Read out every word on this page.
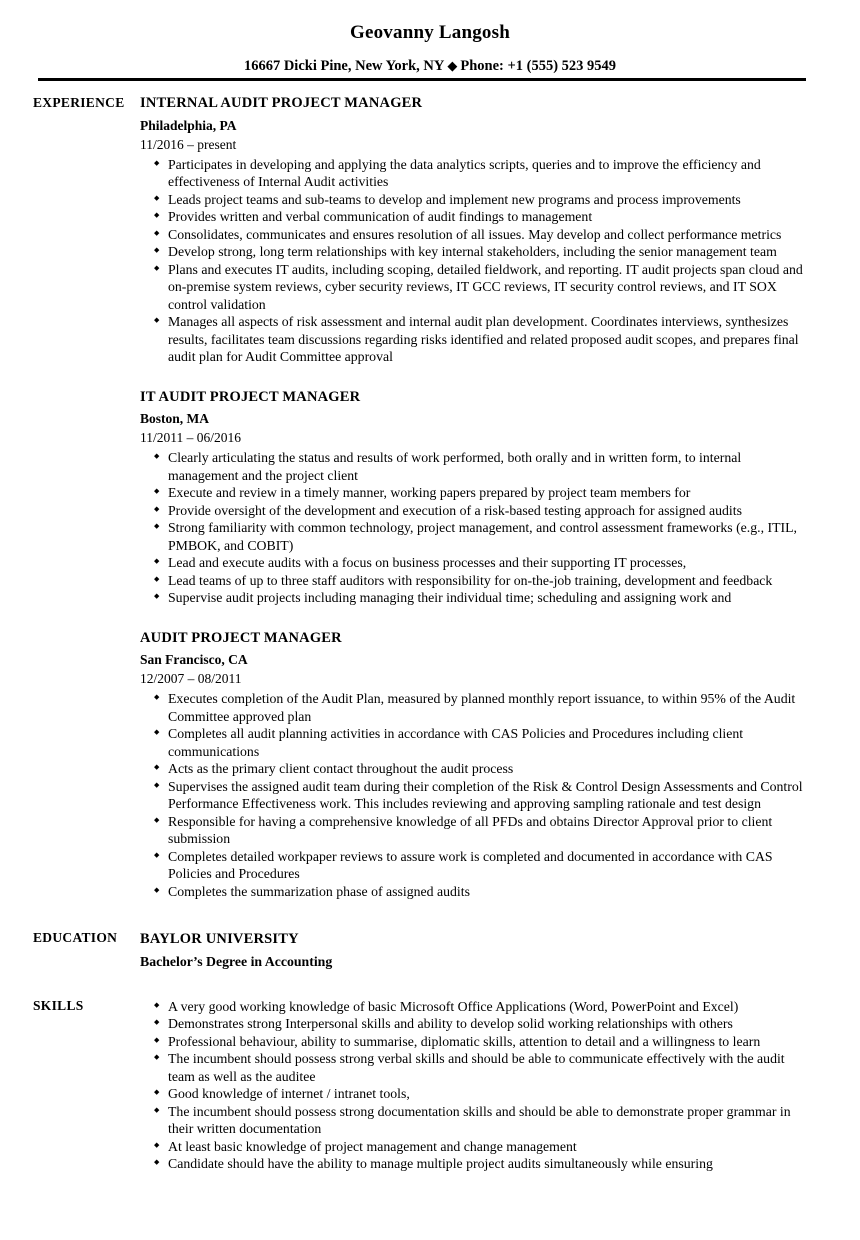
Geovanny Langosh
16667 Dicki Pine, New York, NY ◆ Phone: +1 (555) 523 9549
EXPERIENCE	INTERNAL AUDIT PROJECT MANAGER
Philadelphia, PA
11/2016 – present
◆ Participates in developing and applying the data analytics scripts, queries and to improve the efficiency and effectiveness of Internal Audit activities
◆ Leads project teams and sub-teams to develop and implement new programs and process improvements
◆ Provides written and verbal communication of audit findings to management
◆ Consolidates, communicates and ensures resolution of all issues. May develop and collect performance metrics
◆ Develop strong, long term relationships with key internal stakeholders, including the senior management team
◆ Plans and executes IT audits, including scoping, detailed fieldwork, and reporting. IT audit projects span cloud and on-premise system reviews, cyber security reviews, IT GCC reviews, IT security control reviews, and IT SOX control validation
◆ Manages all aspects of risk assessment and internal audit plan development. Coordinates interviews, synthesizes results, facilitates team discussions regarding risks identified and related proposed audit scopes, and prepares final audit plan for Audit Committee approval
IT AUDIT PROJECT MANAGER
Boston, MA
11/2011 – 06/2016
◆ Clearly articulating the status and results of work performed, both orally and in written form, to internal management and the project client
◆ Execute and review in a timely manner, working papers prepared by project team members for
◆ Provide oversight of the development and execution of a risk-based testing approach for assigned audits
◆ Strong familiarity with common technology, project management, and control assessment frameworks (e.g., ITIL, PMBOK, and COBIT)
◆ Lead and execute audits with a focus on business processes and their supporting IT processes,
◆ Lead teams of up to three staff auditors with responsibility for on-the-job training, development and feedback
◆ Supervise audit projects including managing their individual time; scheduling and assigning work and
AUDIT PROJECT MANAGER
San Francisco, CA
12/2007 – 08/2011
◆ Executes completion of the Audit Plan, measured by planned monthly report issuance, to within 95% of the Audit Committee approved plan
◆ Completes all audit planning activities in accordance with CAS Policies and Procedures including client communications
◆ Acts as the primary client contact throughout the audit process
◆ Supervises the assigned audit team during their completion of the Risk & Control Design Assessments and Control Performance Effectiveness work. This includes reviewing and approving sampling rationale and test design
◆ Responsible for having a comprehensive knowledge of all PFDs and obtains Director Approval prior to client submission
◆ Completes detailed workpaper reviews to assure work is completed and documented in accordance with CAS Policies and Procedures
◆ Completes the summarization phase of assigned audits
EDUCATION	BAYLOR UNIVERSITY
Bachelor’s Degree in Accounting
SKILLS	◆ A very good working knowledge of basic Microsoft Office Applications (Word, PowerPoint and Excel)
◆ Demonstrates strong Interpersonal skills and ability to develop solid working relationships with others
◆ Professional behaviour, ability to summarise, diplomatic skills, attention to detail and a willingness to learn
◆ The incumbent should possess strong verbal skills and should be able to communicate effectively with the audit team as well as the auditee
◆ Good knowledge of internet / intranet tools,
◆ The incumbent should possess strong documentation skills and should be able to demonstrate proper grammar in their written documentation
◆ At least basic knowledge of project management and change management
◆ Candidate should have the ability to manage multiple project audits simultaneously while ensuring
